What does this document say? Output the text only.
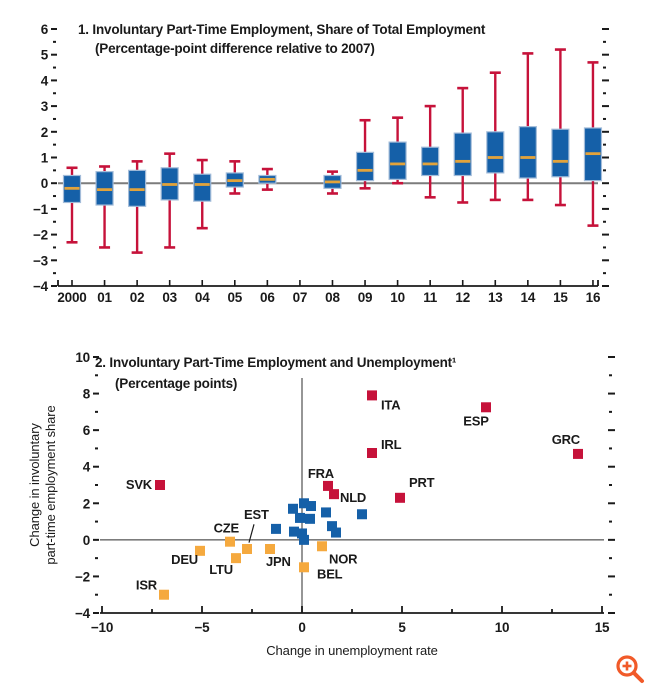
6
5
4
3
2
1
0
−1
−2
−3
−4
2000 01 02 03 04 05 06 07 08 09 10 11 12 13 14 15 16
10
8
6
4
2
0
−2
−4
−10	−5	0	5	10	15
SVK
FRA
NLD
ITA
IRL
PRT
ESP
GRC
ISR
DEU
CZE
LTU
EST
JPN	NOR
BEL
1. Involuntary Part-Time Employment, Share of Total Employment
(Percentage-point difference relative to 2007)
2. Involuntary Part-Time Employment and Unemployment¹
(Percentage points)
Change in unemployment rate
Change in involuntary part-time employment share
